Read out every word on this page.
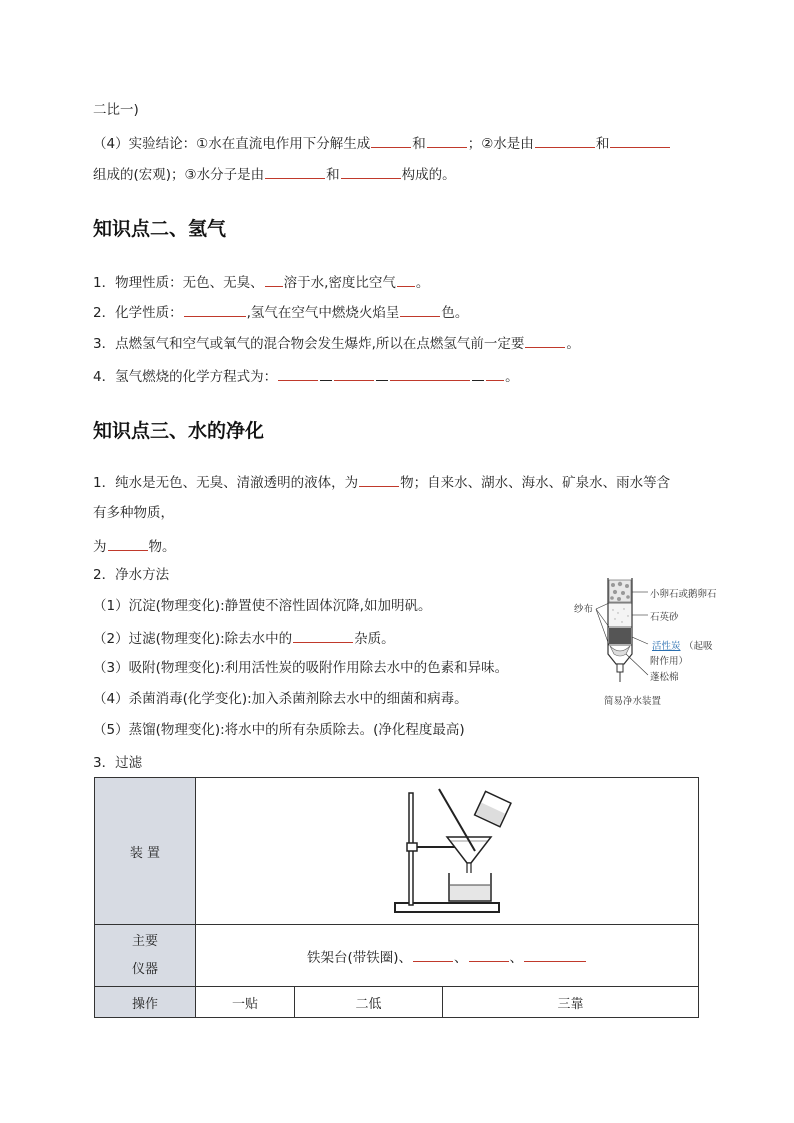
二比一)
（4）实验结论：①水在直流电作用下分解生成	和	；②水是由	和
组成的(宏观)；③水分子是由	和	构成的。
知识点二、氢气
1．物理性质：无色、无臭、 溶于水,密度比空气 。
2．化学性质：	,氢气在空气中燃烧火焰呈	色。
3．点燃氢气和空气或氧气的混合物会发生爆炸,所以在点燃氢气前一定要	。
4．氢气燃烧的化学方程式为：	。
知识点三、水的净化
1．纯水是无色、无臭、清澈透明的液体，为	物；自来水、湖水、海水、矿泉水、雨水等含
有多种物质，
为	物。
2．净水方法
（1）沉淀(物理变化):静置使不溶性固体沉降,如加明矾。
（2）过滤(物理变化):除去水中的	杂质。
（3）吸附(物理变化):利用活性炭的吸附作用除去水中的色素和异味。
（4）杀菌消毒(化学变化):加入杀菌剂除去水中的细菌和病毒。
（5）蒸馏(物理变化):将水中的所有杂质除去。(净化程度最高)
3．过滤
小卵石或鹅卵石
纱布
石英砂
活性炭 （起吸
附作用）
蓬松棉
简易净水装置
装 置	

主要
仪器	铁架台(带铁圈)、 、 、		
操作	一贴	二低	三靠
